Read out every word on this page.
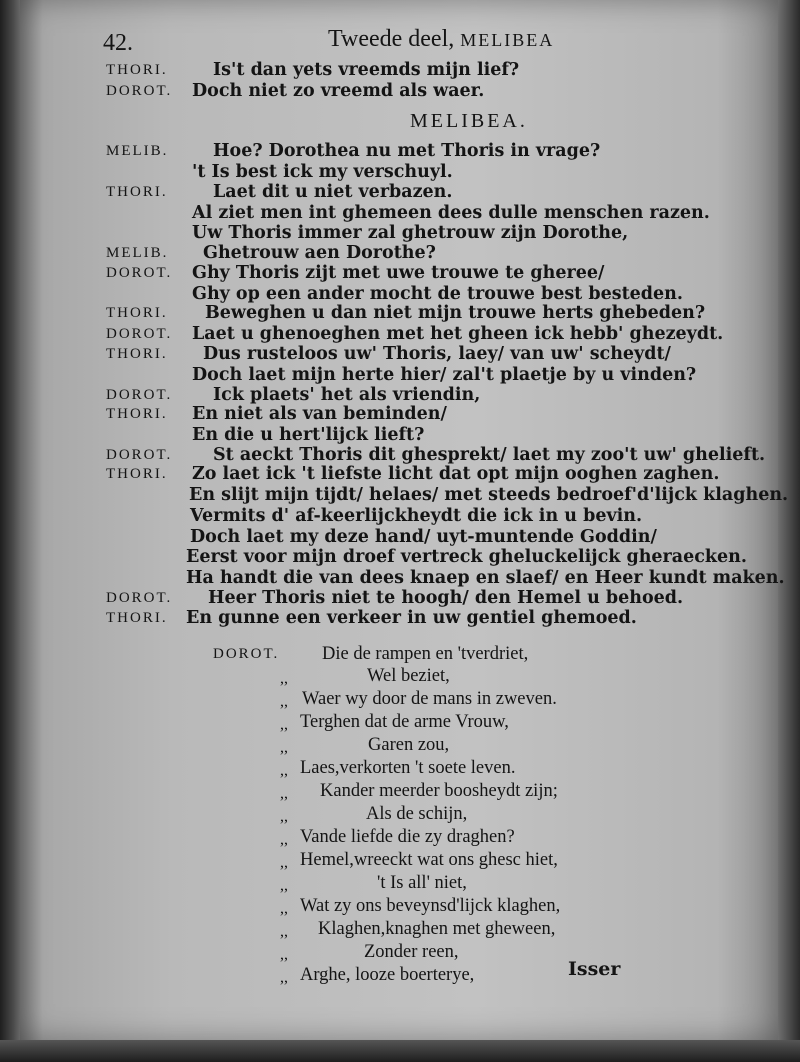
42.	Tweede deel, MELIBEA
THORI.	Is't dan yets vreemds mijn lief?
DOROT. Doch niet zo vreemd als waer.
MELIBEA.
MELIB.	Hoe? Dorothea nu met Thoris in vrage?
't Is best ick my verschuyl.
THORI.	Laet dit u niet verbazen.
Al ziet men int ghemeen dees dulle menschen razen.
Uw Thoris immer zal ghetrouw zijn Dorothe,
MELIB. Ghetrouw aen Dorothe?
DOROT. Ghy Thoris zijt met uwe trouwe te gheree/
Ghy op een ander mocht de trouwe best besteden.
THORI. Beweghen u dan niet mijn trouwe herts ghebeden?
DOROT. Laet u ghenoeghen met het gheen ick hebb' ghezeydt.
THORI. Dus rusteloos uw' Thoris, laey/ van uw' scheydt/
Doch laet mijn herte hier/ zal't plaetje by u vinden?
DOROT. Ick plaets' het als vriendin,
THORI. En niet als van beminden/
En die u hert'lijck lieft?
DOROT. St aeckt Thoris dit ghesprekt/ laet my zoo't uw' ghelieft.
THORI. Zo laet ick 't liefste licht dat opt mijn ooghen zaghen.
En slijt mijn tijdt/ helaes/ met steeds bedroef'd'lijck klaghen.
Vermits d' af-keerlijckheydt die ick in u bevin.
Doch laet my deze hand/ uyt-muntende Goddin/
Eerst voor mijn droef vertreck gheluckelijck gheraecken.
Ha handt die van dees knaep en slaef/ en Heer kundt maken.
DOROT. Heer Thoris niet te hoogh/ den Hemel u behoed.
THORI. En gunne een verkeer in uw gentiel ghemoed.
DOROT. Die de rampen en 'tverdriet,
,,	Wel beziet,
,, Waer wy door de mans in zweven.
,, Terghen dat de arme Vrouw,
,,	Garen zou,
,, Laes,verkorten 't soete leven.
,, Kander meerder boosheydt zijn;
,,	Als de schijn,
,, Vande liefde die zy draghen?
,, Hemel,wreeckt wat ons ghesc hiet,
,,	't Is all' niet,
,, Wat zy ons beveynsd'lijck klaghen,
,, Klaghen,knaghen met gheween,
,,	Zonder reen,
,, Arghe, looze boerterye,	Isser
